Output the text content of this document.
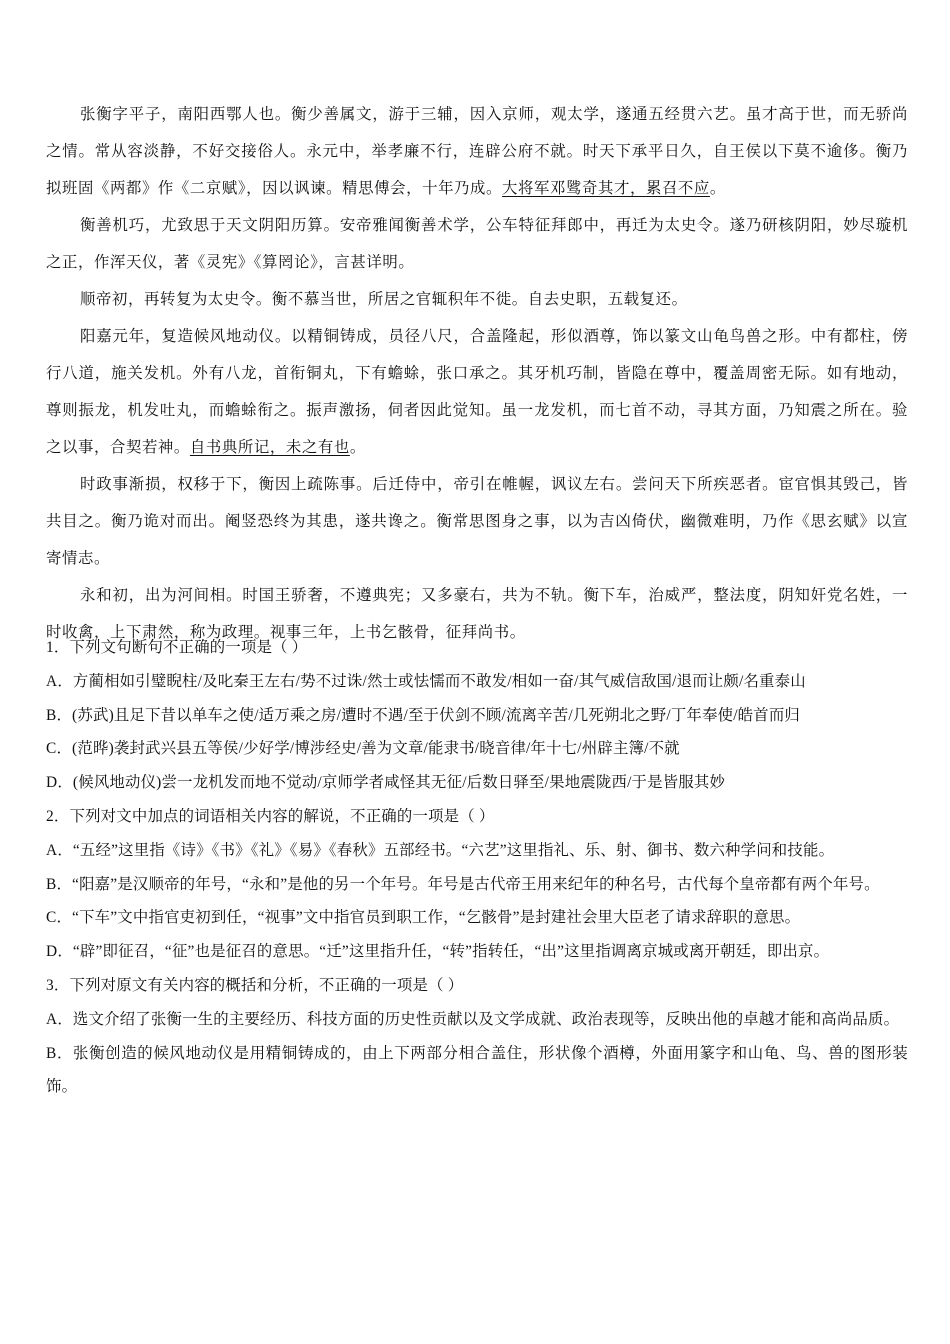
张衡字平子，南阳西鄂人也。衡少善属文，游于三辅，因入京师，观太学，遂通五经贯六艺。虽才高于世，而无骄尚之情。常从容淡静，不好交接俗人。永元中，举孝廉不行，连辟公府不就。时天下承平日久，自王侯以下莫不逾侈。衡乃拟班固《两都》作《二京赋》，因以讽谏。精思傅会，十年乃成。大将军邓骘奇其才，累召不应。

衡善机巧，尤致思于天文阴阳历算。安帝雅闻衡善术学，公车特征拜郎中，再迁为太史令。遂乃研核阴阳，妙尽璇机之正，作浑天仪，著《灵宪》《算罔论》，言甚详明。

顺帝初，再转复为太史令。衡不慕当世，所居之官辄积年不徙。自去史职，五载复还。

阳嘉元年，复造候风地动仪。以精铜铸成，员径八尺，合盖隆起，形似酒尊，饰以篆文山龟鸟兽之形。中有都柱，傍行八道，施关发机。外有八龙，首衔铜丸，下有蟾蜍，张口承之。其牙机巧制，皆隐在尊中，覆盖周密无际。如有地动，尊则振龙，机发吐丸，而蟾蜍衔之。振声激扬，伺者因此觉知。虽一龙发机，而七首不动，寻其方面，乃知震之所在。验之以事，合契若神。自书典所记，未之有也。

时政事渐损，权移于下，衡因上疏陈事。后迁侍中，帝引在帷幄，讽议左右。尝问天下所疾恶者。宦官惧其毁己，皆共目之。衡乃诡对而出。阉竖恐终为其患，遂共谗之。衡常思图身之事，以为吉凶倚伏，幽微难明，乃作《思玄赋》以宣寄情志。

永和初，出为河间相。时国王骄奢，不遵典宪；又多豪右，共为不轨。衡下车，治威严，整法度，阴知奸党名姓，一时收禽，上下肃然，称为政理。视事三年，上书乞骸骨，征拜尚书。

1．下列文句断句不正确的一项是（ ）

A．方蔺相如引璧睨柱/及叱秦王左右/势不过诛/然士或怯懦而不敢发/相如一奋/其气威信敌国/退而让颇/名重泰山

B．(苏武)且足下昔以单车之使/适万乘之房/遭时不遇/至于伏剑不顾/流离辛苦/几死朔北之野/丁年奉使/皓首而归

C．(范晔)袭封武兴县五等侯/少好学/博涉经史/善为文章/能隶书/晓音律/年十七/州辟主簿/不就

D．(候风地动仪)尝一龙机发而地不觉动/京师学者咸怪其无征/后数日驿至/果地震陇西/于是皆服其妙

2．下列对文中加点的词语相关内容的解说，不正确的一项是（ ）

A．“五经”这里指《诗》《书》《礼》《易》《春秋》五部经书。“六艺”这里指礼、乐、射、御书、数六种学问和技能。

B．“阳嘉”是汉顺帝的年号，“永和”是他的另一个年号。年号是古代帝王用来纪年的种名号，古代每个皇帝都有两个年号。

C．“下车”文中指官吏初到任，“视事”文中指官员到职工作，“乞骸骨”是封建社会里大臣老了请求辞职的意思。

D．“辟”即征召，“征”也是征召的意思。“迁”这里指升任，“转”指转任，“出”这里指调离京城或离开朝廷，即出京。

3．下列对原文有关内容的概括和分析，不正确的一项是（ ）

A．选文介绍了张衡一生的主要经历、科技方面的历史性贡献以及文学成就、政治表现等，反映出他的卓越才能和高尚品质。

B．张衡创造的候风地动仪是用精铜铸成的，由上下两部分相合盖住，形状像个酒樽，外面用篆字和山龟、鸟、兽的图形装饰。
